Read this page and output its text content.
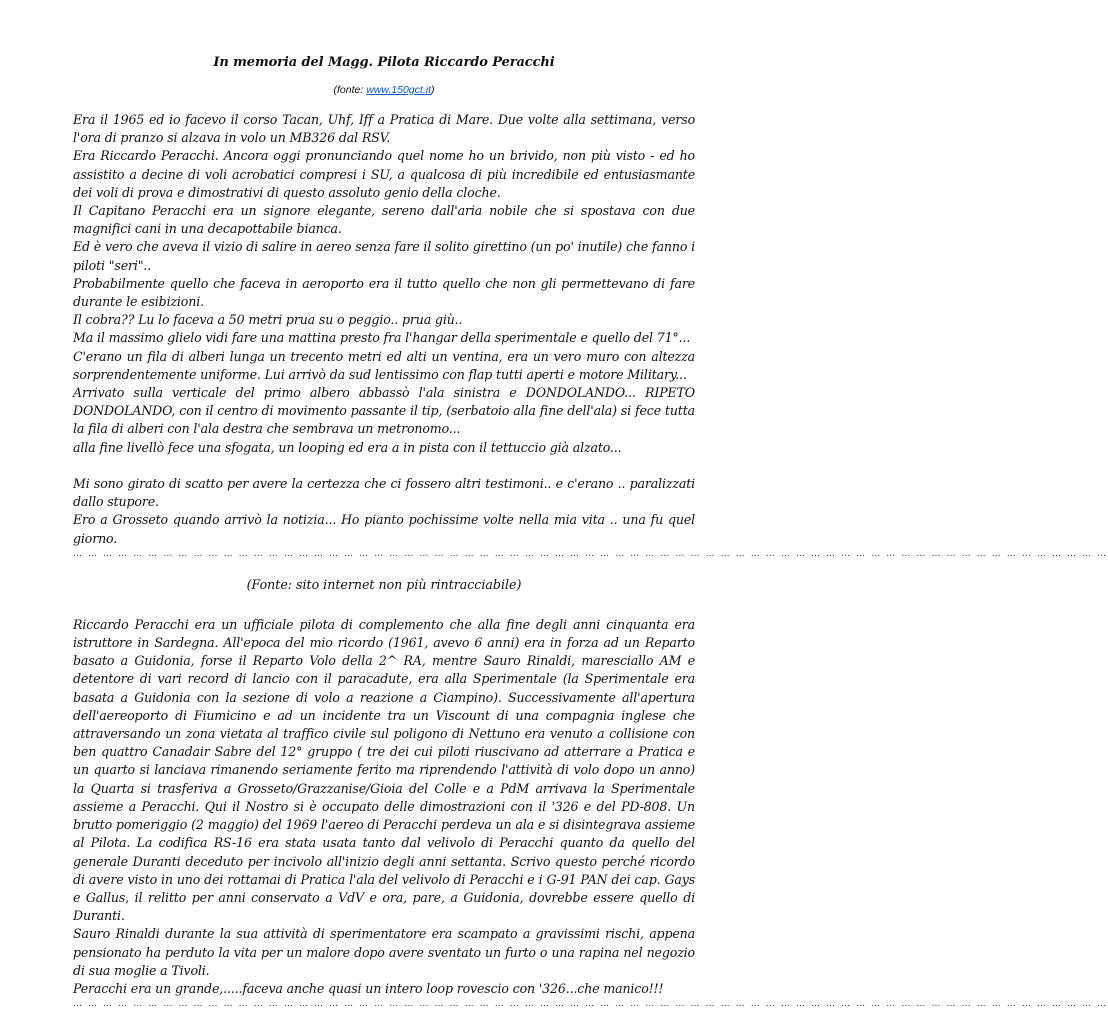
In memoria del Magg. Pilota Riccardo Peracchi
(fonte: www.150gct.it)

Era il 1965 ed io facevo il corso Tacan, Uhf, Iff a Pratica di Mare. Due volte alla settimana, verso l'ora di pranzo si alzava in volo un MB326 dal RSV.

Era Riccardo Peracchi. Ancora oggi pronunciando quel nome ho un brivido, non più visto - ed ho assistito a decine di voli acrobatici compresi i SU, a qualcosa di più incredibile ed entusiasmante dei voli di prova e dimostrativi di questo assoluto genio della cloche.

Il Capitano Peracchi era un signore elegante, sereno dall'aria nobile che si spostava con due magnifici cani in una decapottabile bianca.

Ed è vero che aveva il vizio di salire in aereo senza fare il solito girettino (un po' inutile) che fanno i piloti "seri"..

Probabilmente quello che faceva in aeroporto era il tutto quello che non gli permettevano di fare durante le esibizioni.

Il cobra?? Lu lo faceva a 50 metri prua su o peggio.. prua giù..

Ma il massimo glielo vidi fare una mattina presto fra l'hangar della sperimentale e quello del 71°...

C'erano un fila di alberi lunga un trecento metri ed alti un ventina, era un vero muro con altezza sorprendentemente uniforme. Lui arrivò da sud lentissimo con flap tutti aperti e motore Military...

Arrivato sulla verticale del primo albero abbassò l'ala sinistra e DONDOLANDO... RIPETO DONDOLANDO, con il centro di movimento passante il tip, (serbatoio alla fine dell'ala) si fece tutta la fila di alberi con l'ala destra che sembrava un metronomo...

alla fine livellò fece una sfogata, un looping ed era a in pista con il tettuccio già alzato...

Mi sono girato di scatto per avere la certezza che ci fossero altri testimoni.. e c'erano .. paralizzati dallo stupore.

Ero a Grosseto quando arrivò la notizia... Ho pianto pochissime volte nella mia vita .. una fu quel giorno.

… … … … … … … … … … … … … … … … … … … … … … … … … … … … … … … … … … … … … … … … … … … … … … … … … … … … … … … … … … … … … … … … … … … … …

(Fonte: sito internet non più rintracciabile)

Riccardo Peracchi era un ufficiale pilota di complemento che alla fine degli anni cinquanta era istruttore in Sardegna. All'epoca del mio ricordo (1961, avevo 6 anni) era in forza ad un Reparto basato a Guidonia, forse il Reparto Volo della 2^ RA, mentre Sauro Rinaldi, maresciallo AM e detentore di vari record di lancio con il paracadute, era alla Sperimentale (la Sperimentale era basata a Guidonia con la sezione di volo a reazione a Ciampino). Successivamente all'apertura dell'aereoporto di Fiumicino e ad un incidente tra un Viscount di una compagnia inglese che attraversando un zona vietata al traffico civile sul poligono di Nettuno era venuto a collisione con ben quattro Canadair Sabre del 12° gruppo ( tre dei cui piloti riuscivano ad atterrare a Pratica e un quarto si lanciava rimanendo seriamente ferito ma riprendendo l'attività di volo dopo un anno) la Quarta si trasferiva a Grosseto/Grazzanise/Gioia del Colle e a PdM arrivava la Sperimentale assieme a Peracchi. Qui il Nostro si è occupato delle dimostrazioni con il '326 e del PD-808. Un brutto pomeriggio (2 maggio) del 1969 l'aereo di Peracchi perdeva un ala e si disintegrava assieme al Pilota. La codifica RS-16 era stata usata tanto dal velivolo di Peracchi quanto da quello del generale Duranti deceduto per incivolo all'inizio degli anni settanta. Scrivo questo perché ricordo di avere visto in uno dei rottamai di Pratica l'ala del velivolo di Peracchi e i G-91 PAN dei cap. Gays e Gallus, il relitto per anni conservato a VdV e ora, pare, a Guidonia, dovrebbe essere quello di Duranti.

Sauro Rinaldi durante la sua attività di sperimentatore era scampato a gravissimi rischi, appena pensionato ha perduto la vita per un malore dopo avere sventato un furto o una rapina nel negozio di sua moglie a Tivoli.

Peracchi era un grande,.....faceva anche quasi un intero loop rovescio con '326...che manico!!!

… … … … … … … … … … … … … … … … … … … … … … … … … … … … … … … … … … … … … … … … … … … … … … … … … … … … … … … … … … … … … … … … … … … … …
